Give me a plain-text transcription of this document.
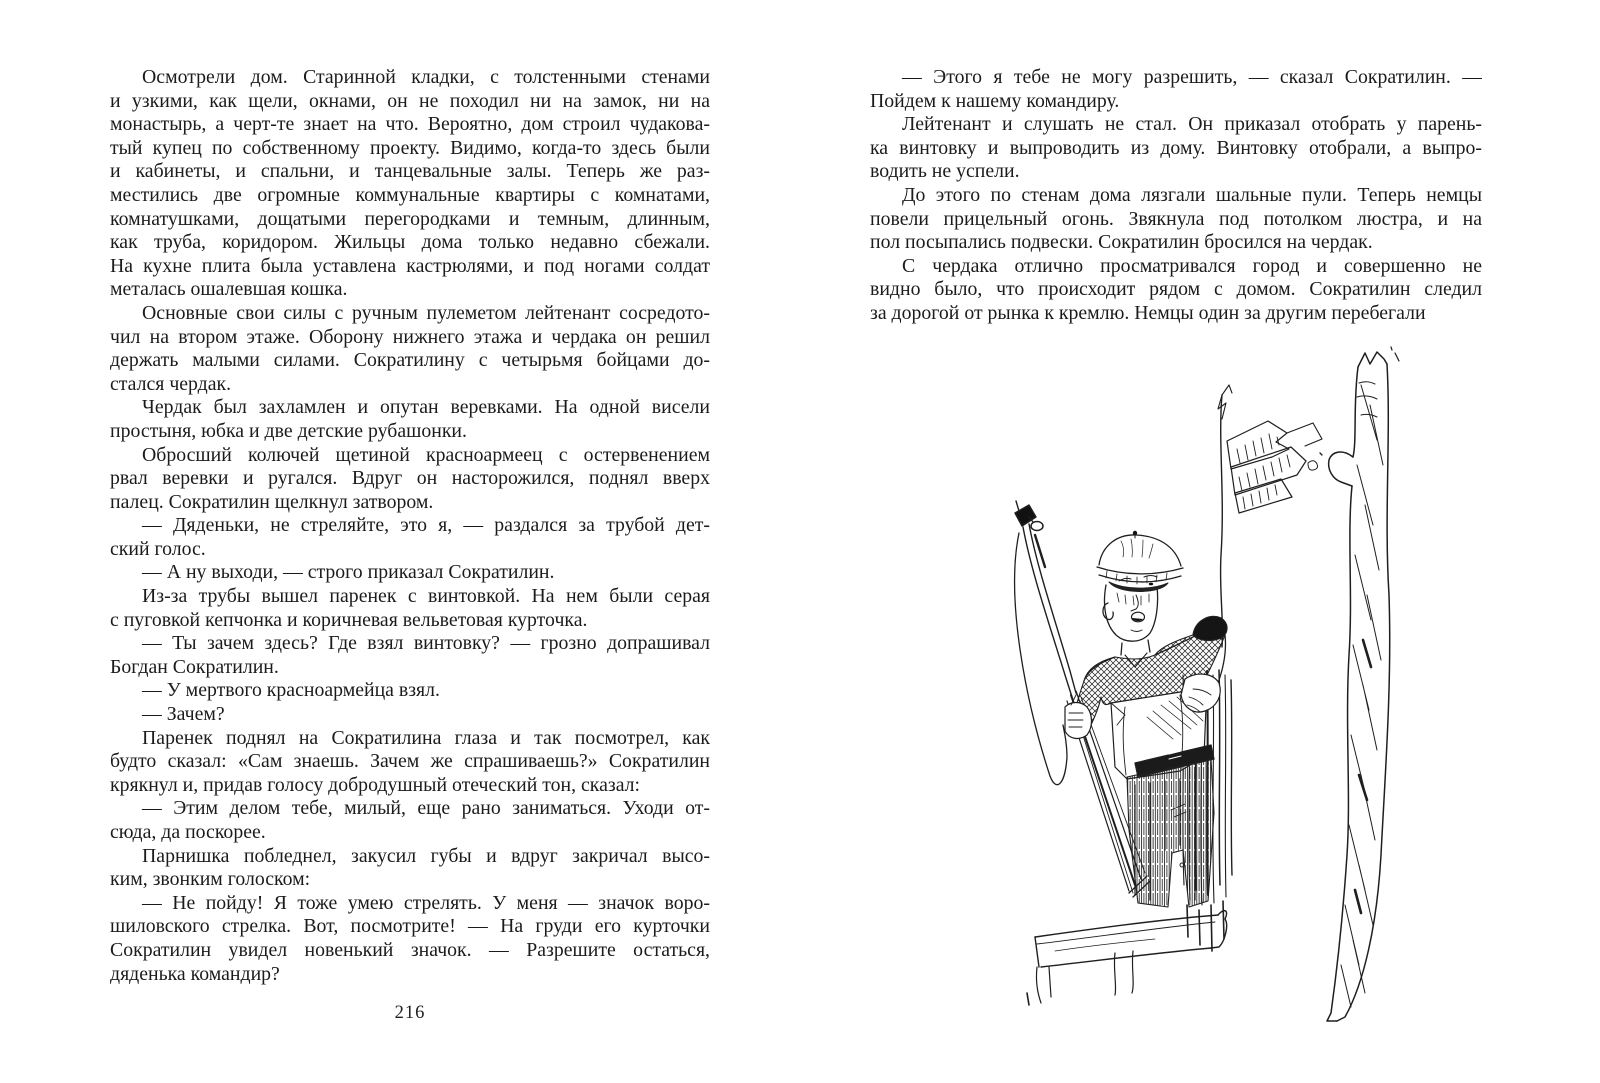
Осмотрели дом. Старинной кладки, с толстенными стенами
и узкими, как щели, окнами, он не походил ни на замок, ни на
монастырь, а черт-те знает на что. Вероятно, дом строил чудакова-
тый купец по собственному проекту. Видимо, когда-то здесь были
и кабинеты, и спальни, и танцевальные залы. Теперь же раз-
местились две огромные коммунальные квартиры с комнатами,
комнатушками, дощатыми перегородками и темным, длинным,
как труба, коридором. Жильцы дома только недавно сбежали.
На кухне плита была уставлена кастрюлями, и под ногами солдат
металась ошалевшая кошка.
Основные свои силы с ручным пулеметом лейтенант сосредото-
чил на втором этаже. Оборону нижнего этажа и чердака он решил
держать малыми силами. Сократилину с четырьмя бойцами до-
стался чердак.
Чердак был захламлен и опутан веревками. На одной висели
простыня, юбка и две детские рубашонки.
Обросший колючей щетиной красноармеец с остервенением
рвал веревки и ругался. Вдруг он насторожился, поднял вверх
палец. Сократилин щелкнул затвором.
— Дяденьки, не стреляйте, это я, — раздался за трубой дет-
ский голос.
— А ну выходи, — строго приказал Сократилин.
Из-за трубы вышел паренек с винтовкой. На нем были серая
с пуговкой кепчонка и коричневая вельветовая курточка.
— Ты зачем здесь? Где взял винтовку? — грозно допрашивал
Богдан Сократилин.
— У мертвого красноармейца взял.
— Зачем?
Паренек поднял на Сократилина глаза и так посмотрел, как
будто сказал: «Сам знаешь. Зачем же спрашиваешь?» Сократилин
крякнул и, придав голосу добродушный отеческий тон, сказал:
— Этим делом тебе, милый, еще рано заниматься. Уходи от-
сюда, да поскорее.
Парнишка побледнел, закусил губы и вдруг закричал высо-
ким, звонким голоском:
— Не пойду! Я тоже умею стрелять. У меня — значок воро-
шиловского стрелка. Вот, посмотрите! — На груди его курточки
Сократилин увидел новенький значок. — Разрешите остаться,
дяденька командир?
216
— Этого я тебе не могу разрешить, — сказал Сократилин. —
Пойдем к нашему командиру.
Лейтенант и слушать не стал. Он приказал отобрать у парень-
ка винтовку и выпроводить из дому. Винтовку отобрали, а выпро-
водить не успели.
До этого по стенам дома лязгали шальные пули. Теперь немцы
повели прицельный огонь. Звякнула под потолком люстра, и на
пол посыпались подвески. Сократилин бросился на чердак.
С чердака отлично просматривался город и совершенно не
видно было, что происходит рядом с домом. Сократилин следил
за дорогой от рынка к кремлю. Немцы один за другим перебегали
